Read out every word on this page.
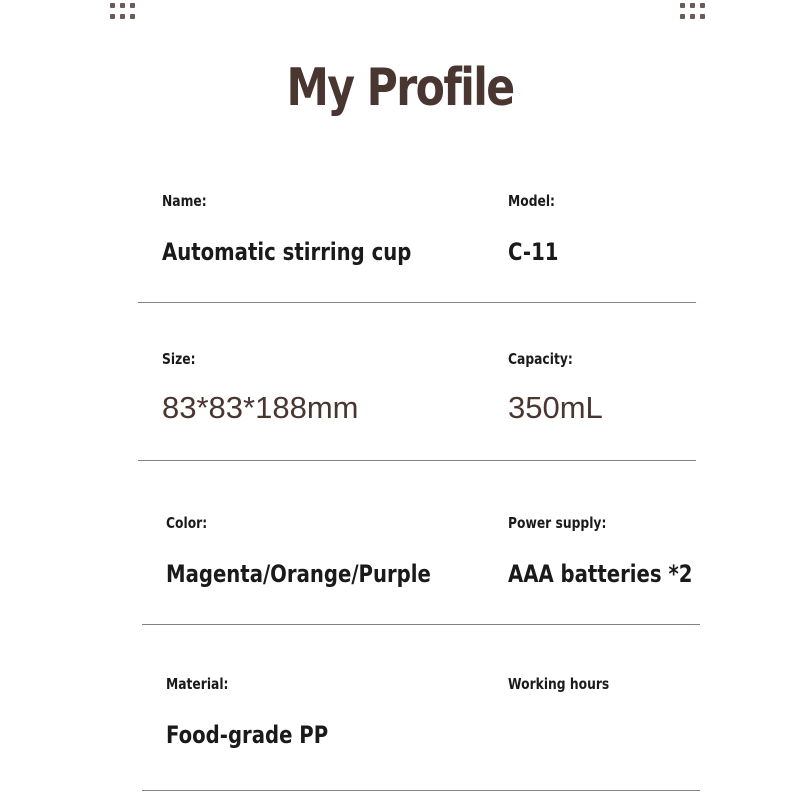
My Profile
Name:
Automatic stirring cup
Model:
C-11
Size:
83*83*188mm
Capacity:
350mL
Color:
Magenta/Orange/Purple
Power supply:
AAA batteries *2
Material:
Food-grade PP
Working hours
